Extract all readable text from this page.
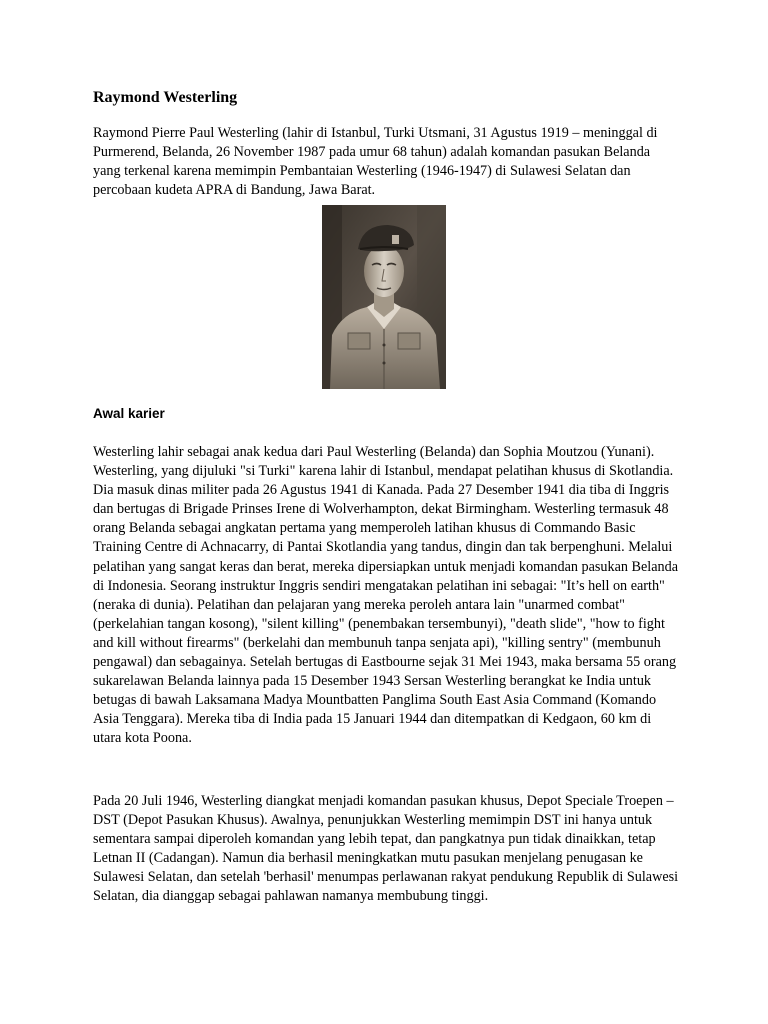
Raymond Westerling

Raymond Pierre Paul Westerling (lahir di Istanbul, Turki Utsmani, 31 Agustus 1919 – meninggal di Purmerend, Belanda, 26 November 1987 pada umur 68 tahun) adalah komandan pasukan Belanda yang terkenal karena memimpin Pembantaian Westerling (1946-1947) di Sulawesi Selatan dan percobaan kudeta APRA di Bandung, Jawa Barat.

Awal karier

Westerling lahir sebagai anak kedua dari Paul Westerling (Belanda) dan Sophia Moutzou (Yunani). Westerling, yang dijuluki "si Turki" karena lahir di Istanbul, mendapat pelatihan khusus di Skotlandia. Dia masuk dinas militer pada 26 Agustus 1941 di Kanada. Pada 27 Desember 1941 dia tiba di Inggris dan bertugas di Brigade Prinses Irene di Wolverhampton, dekat Birmingham. Westerling termasuk 48 orang Belanda sebagai angkatan pertama yang memperoleh latihan khusus di Commando Basic Training Centre di Achnacarry, di Pantai Skotlandia yang tandus, dingin dan tak berpenghuni. Melalui pelatihan yang sangat keras dan berat, mereka dipersiapkan untuk menjadi komandan pasukan Belanda di Indonesia. Seorang instruktur Inggris sendiri mengatakan pelatihan ini sebagai: "It’s hell on earth" (neraka di dunia). Pelatihan dan pelajaran yang mereka peroleh antara lain "unarmed combat" (perkelahian tangan kosong), "silent killing" (penembakan tersembunyi), "death slide", "how to fight and kill without firearms" (berkelahi dan membunuh tanpa senjata api), "killing sentry" (membunuh pengawal) dan sebagainya. Setelah bertugas di Eastbourne sejak 31 Mei 1943, maka bersama 55 orang sukarelawan Belanda lainnya pada 15 Desember 1943 Sersan Westerling berangkat ke India untuk betugas di bawah Laksamana Madya Mountbatten Panglima South East Asia Command (Komando Asia Tenggara). Mereka tiba di India pada 15 Januari 1944 dan ditempatkan di Kedgaon, 60 km di utara kota Poona.

Pada 20 Juli 1946, Westerling diangkat menjadi komandan pasukan khusus, Depot Speciale Troepen – DST (Depot Pasukan Khusus). Awalnya, penunjukkan Westerling memimpin DST ini hanya untuk sementara sampai diperoleh komandan yang lebih tepat, dan pangkatnya pun tidak dinaikkan, tetap Letnan II (Cadangan). Namun dia berhasil meningkatkan mutu pasukan menjelang penugasan ke Sulawesi Selatan, dan setelah 'berhasil' menumpas perlawanan rakyat pendukung Republik di Sulawesi Selatan, dia dianggap sebagai pahlawan namanya membubung tinggi.
